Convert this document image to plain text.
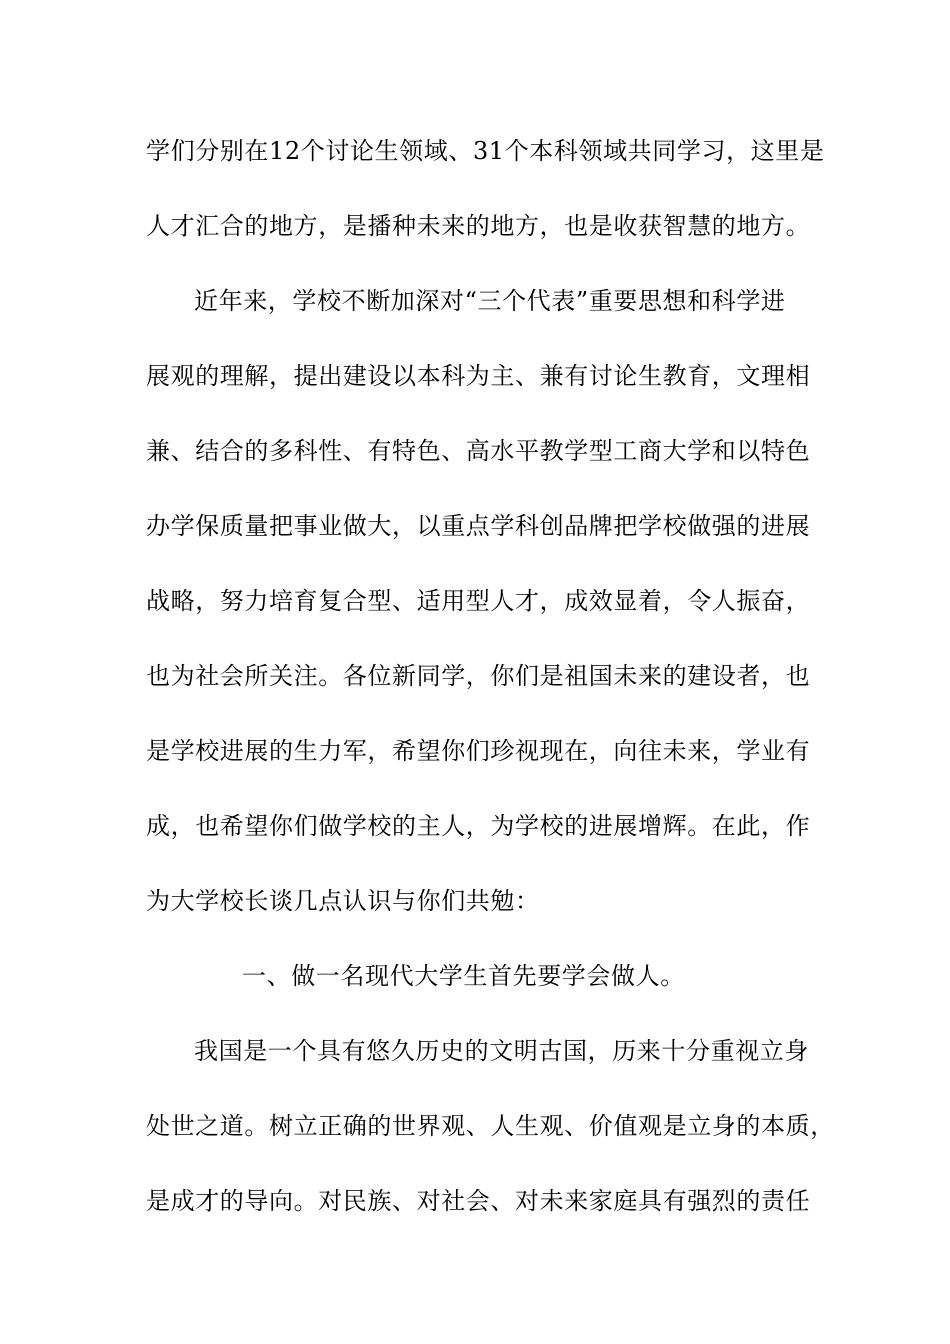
学们分别在12个讨论生领域、31个本科领域共同学习，这里是
人才汇合的地方，是播种未来的地方，也是收获智慧的地方。
近年来，学校不断加深对“三个代表”重要思想和科学进
展观的理解，提出建设以本科为主、兼有讨论生教育，文理相
兼、结合的多科性、有特色、高水平教学型工商大学和以特色
办学保质量把事业做大，以重点学科创品牌把学校做强的进展
战略，努力培育复合型、适用型人才，成效显着，令人振奋，
也为社会所关注。各位新同学，你们是祖国未来的建设者，也
是学校进展的生力军，希望你们珍视现在，向往未来，学业有
成，也希望你们做学校的主人，为学校的进展增辉。在此，作
为大学校长谈几点认识与你们共勉：
一、做一名现代大学生首先要学会做人。
我国是一个具有悠久历史的文明古国，历来十分重视立身
处世之道。树立正确的世界观、人生观、价值观是立身的本质，
是成才的导向。对民族、对社会、对未来家庭具有强烈的责任
